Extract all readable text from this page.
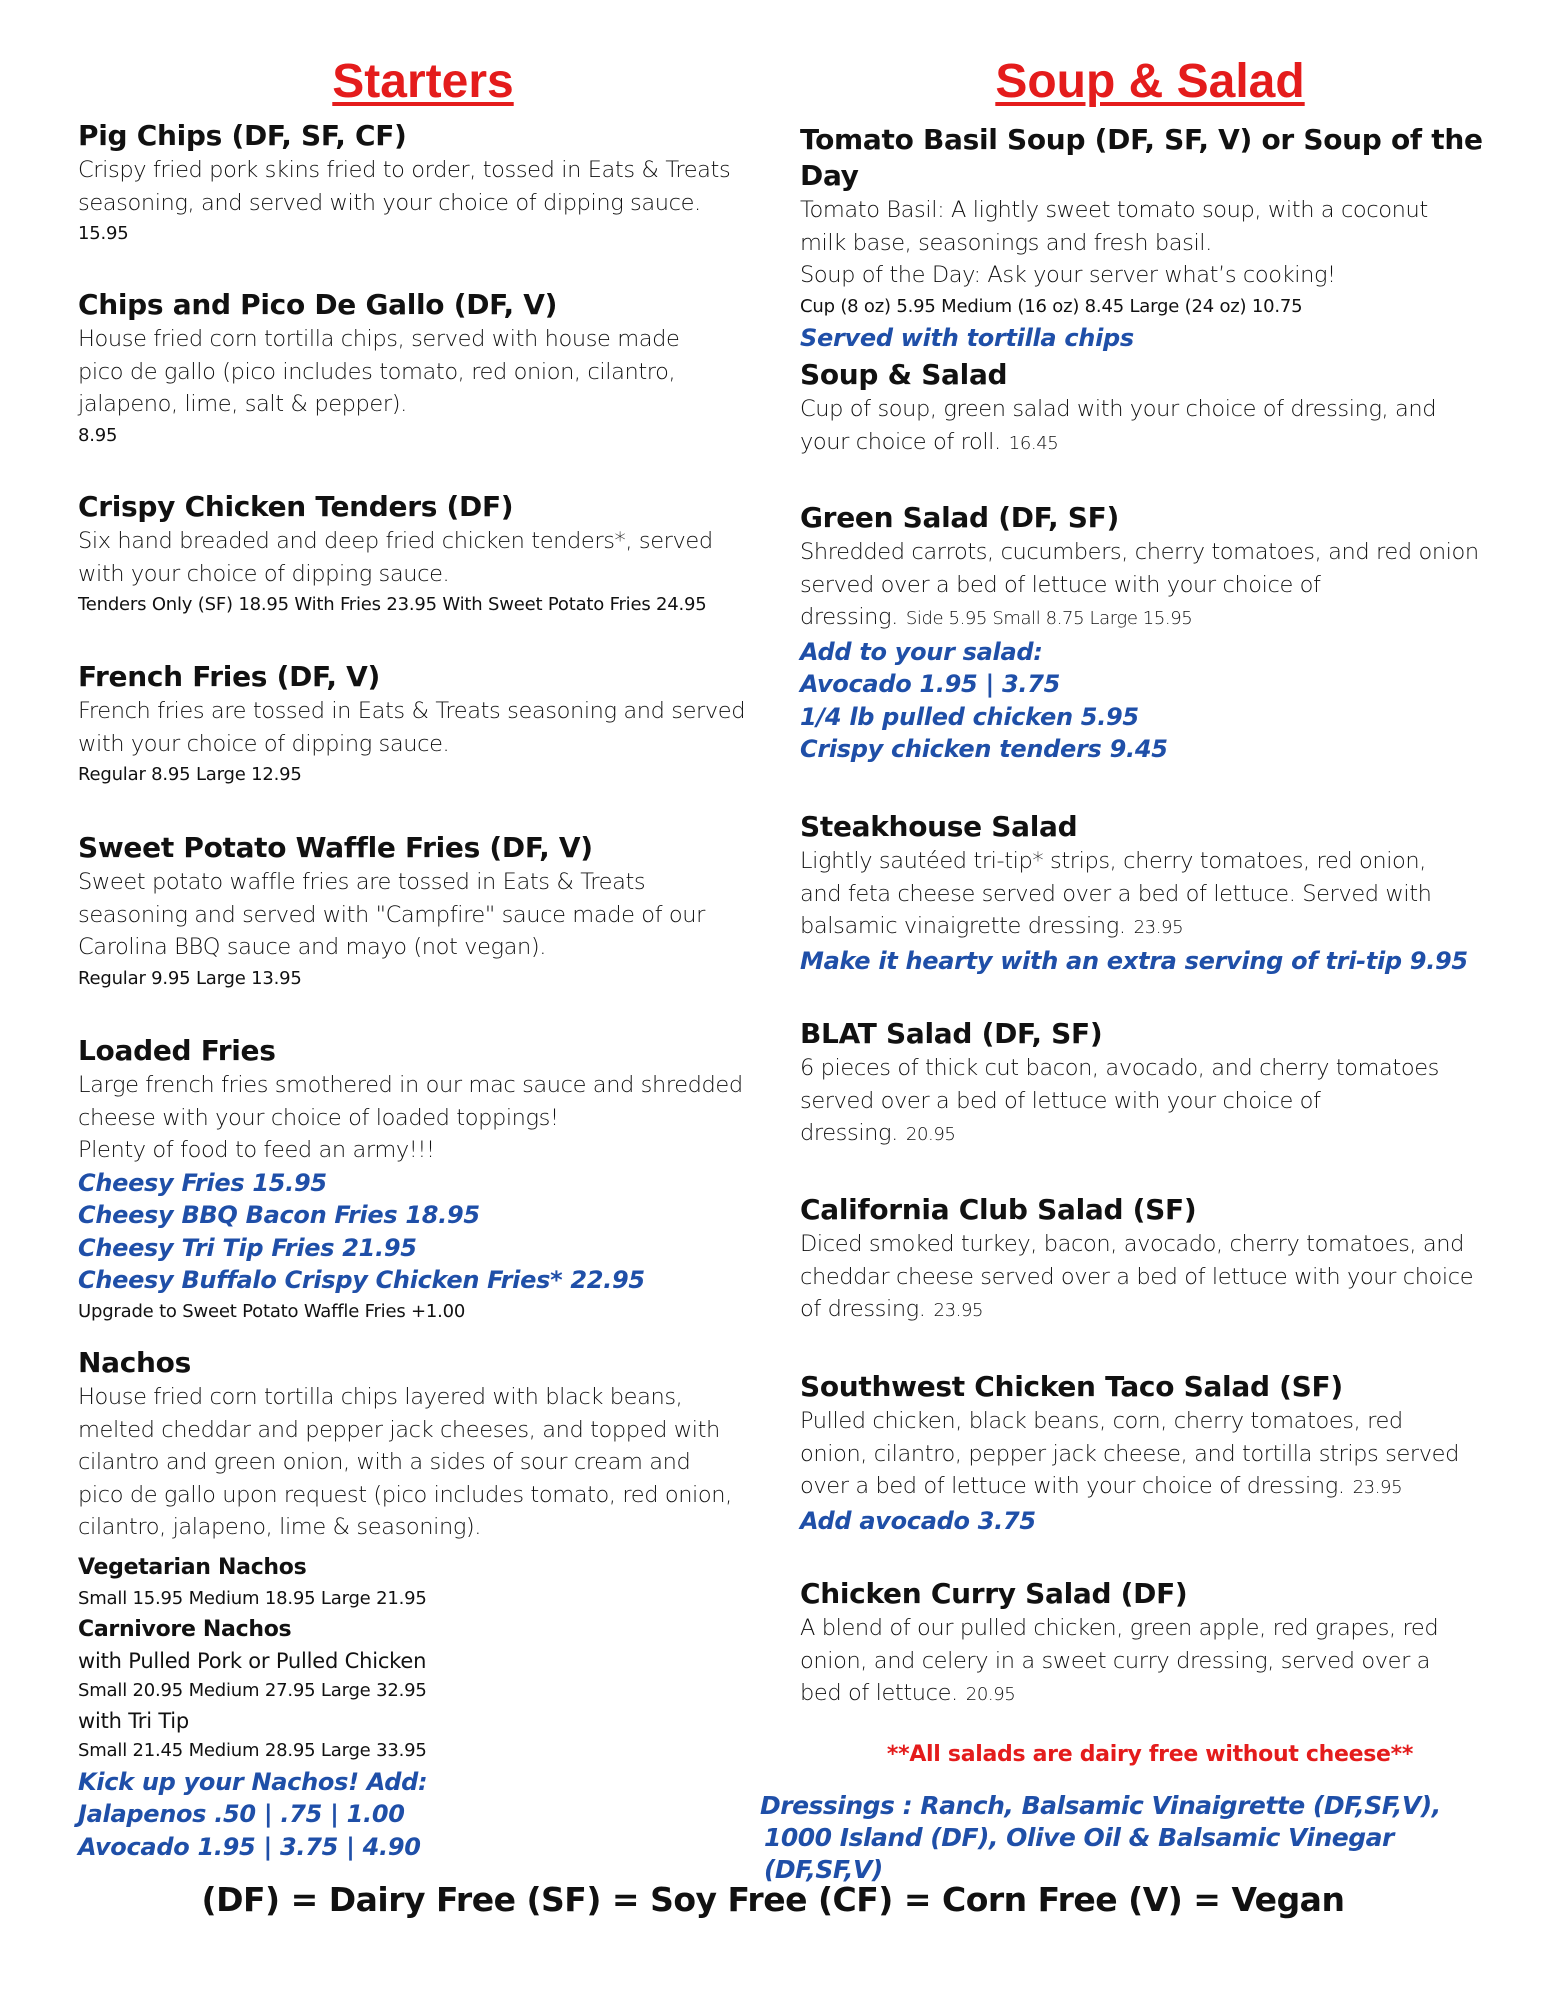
Starters
Pig Chips (DF, SF, CF)
Crispy fried pork skins fried to order, tossed in Eats & Treats
seasoning, and served with your choice of dipping sauce.
15.95
Chips and Pico De Gallo (DF, V)
House fried corn tortilla chips, served with house made
pico de gallo (pico includes tomato, red onion, cilantro,
jalapeno, lime, salt & pepper).
8.95
Crispy Chicken Tenders (DF)
Six hand breaded and deep fried chicken tenders*, served
with your choice of dipping sauce.
Tenders Only (SF) 18.95 With Fries 23.95 With Sweet Potato Fries 24.95
French Fries (DF, V)
French fries are tossed in Eats & Treats seasoning and served
with your choice of dipping sauce.
Regular 8.95 Large 12.95
Sweet Potato Waffle Fries (DF, V)
Sweet potato waffle fries are tossed in Eats & Treats
seasoning and served with "Campfire" sauce made of our
Carolina BBQ sauce and mayo (not vegan).
Regular 9.95 Large 13.95
Loaded Fries
Large french fries smothered in our mac sauce and shredded
cheese with your choice of loaded toppings!
Plenty of food to feed an army!!!
Cheesy Fries 15.95
Cheesy BBQ Bacon Fries 18.95
Cheesy Tri Tip Fries 21.95
Cheesy Buffalo Crispy Chicken Fries* 22.95
Upgrade to Sweet Potato Waffle Fries +1.00
Nachos
House fried corn tortilla chips layered with black beans,
melted cheddar and pepper jack cheeses, and topped with
cilantro and green onion, with a sides of sour cream and
pico de gallo upon request (pico includes tomato, red onion,
cilantro, jalapeno, lime & seasoning).
Vegetarian Nachos
Small 15.95 Medium 18.95 Large 21.95
Carnivore Nachos
with Pulled Pork or Pulled Chicken
Small 20.95 Medium 27.95 Large 32.95
with Tri Tip
Small 21.45 Medium 28.95 Large 33.95
Kick up your Nachos! Add:
Jalapenos .50 | .75 | 1.00
Avocado 1.95 | 3.75 | 4.90
Soup & Salad
Tomato Basil Soup (DF, SF, V) or Soup of the Day
Tomato Basil: A lightly sweet tomato soup, with a coconut
milk base, seasonings and fresh basil.
Soup of the Day: Ask your server what’s cooking!
Cup (8 oz) 5.95 Medium (16 oz) 8.45 Large (24 oz) 10.75
Served with tortilla chips
Soup & Salad
Cup of soup, green salad with your choice of dressing, and
your choice of roll. 16.45
Green Salad (DF, SF)
Shredded carrots, cucumbers, cherry tomatoes, and red onion
served over a bed of lettuce with your choice of
dressing. Side 5.95 Small 8.75 Large 15.95
Add to your salad:
Avocado 1.95 | 3.75
1/4 lb pulled chicken 5.95
Crispy chicken tenders 9.45
Steakhouse Salad
Lightly sautéed tri-tip* strips, cherry tomatoes, red onion,
and feta cheese served over a bed of lettuce. Served with
balsamic vinaigrette dressing. 23.95
Make it hearty with an extra serving of tri-tip 9.95
BLAT Salad (DF, SF)
6 pieces of thick cut bacon, avocado, and cherry tomatoes
served over a bed of lettuce with your choice of
dressing. 20.95
California Club Salad (SF)
Diced smoked turkey, bacon, avocado, cherry tomatoes, and
cheddar cheese served over a bed of lettuce with your choice
of dressing. 23.95
Southwest Chicken Taco Salad (SF)
Pulled chicken, black beans, corn, cherry tomatoes, red
onion, cilantro, pepper jack cheese, and tortilla strips served
over a bed of lettuce with your choice of dressing. 23.95
Add avocado 3.75
Chicken Curry Salad (DF)
A blend of our pulled chicken, green apple, red grapes, red
onion, and celery in a sweet curry dressing, served over a
bed of lettuce. 20.95
**All salads are dairy free without cheese**
Dressings : Ranch, Balsamic Vinaigrette (DF,SF,V),
1000 Island (DF), Olive Oil & Balsamic Vinegar (DF,SF,V)
(DF) = Dairy Free (SF) = Soy Free (CF) = Corn Free (V) = Vegan
